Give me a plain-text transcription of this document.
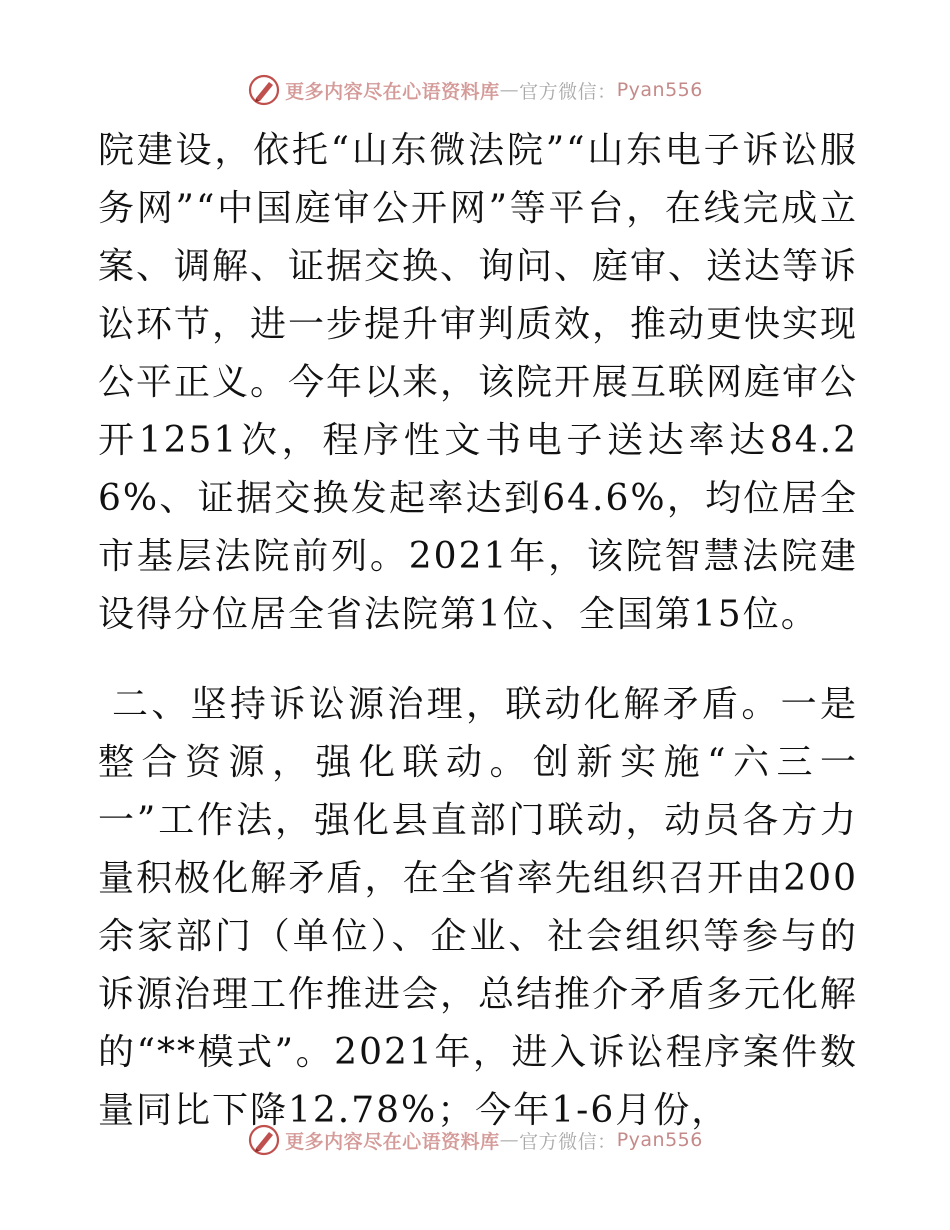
更多内容尽在心语资料库 — 官方微信： Pyan556

院建设，依托“山东微法院”“山东电子诉讼服务网”“中国庭审公开网”等平台，在线完成立案、调解、证据交换、询问、庭审、送达等诉讼环节，进一步提升审判质效，推动更快实现公平正义。今年以来，该院开展互联网庭审公开1251次，程序性文书电子送达率达84.26%、证据交换发起率达到64.6%，均位居全市基层法院前列。2021年，该院智慧法院建设得分位居全省法院第1位、全国第15位。

二、坚持诉讼源治理，联动化解矛盾。一是整合资源，强化联动。创新实施“六三一一”工作法，强化县直部门联动，动员各方力量积极化解矛盾，在全省率先组织召开由200余家部门（单位）、企业、社会组织等参与的诉源治理工作推进会，总结推介矛盾多元化解的“**模式”。2021年，进入诉讼程序案件数量同比下降12.78%；今年1-6月份，

更多内容尽在心语资料库 — 官方微信： Pyan556
